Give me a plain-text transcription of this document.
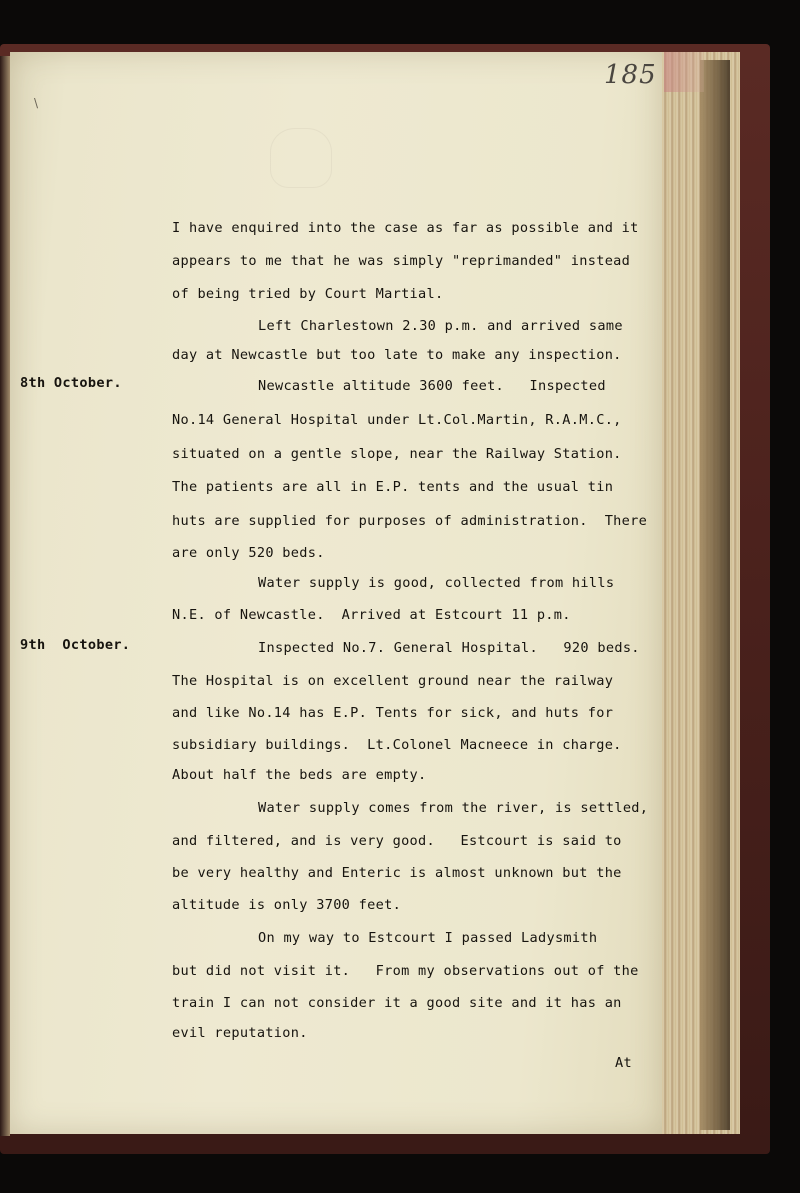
\

185
8th October.
9th  October.
I have enquired into the case as far as possible and it
appears to me that he was simply "reprimanded" instead
of being tried by Court Martial.
Left Charlestown 2.30 p.m. and arrived same
day at Newcastle but too late to make any inspection.
Newcastle altitude 3600 feet.   Inspected
No.14 General Hospital under Lt.Col.Martin, R.A.M.C.,
situated on a gentle slope, near the Railway Station.
The patients are all in E.P. tents and the usual tin
huts are supplied for purposes of administration.  There
are only 520 beds.
Water supply is good, collected from hills
N.E. of Newcastle.  Arrived at Estcourt 11 p.m.
Inspected No.7. General Hospital.   920 beds.
The Hospital is on excellent ground near the railway
and like No.14 has E.P. Tents for sick, and huts for
subsidiary buildings.  Lt.Colonel Macneece in charge.
About half the beds are empty.
Water supply comes from the river, is settled,
and filtered, and is very good.   Estcourt is said to
be very healthy and Enteric is almost unknown but the
altitude is only 3700 feet.
On my way to Estcourt I passed Ladysmith
but did not visit it.   From my observations out of the
train I can not consider it a good site and it has an
evil reputation.
At
